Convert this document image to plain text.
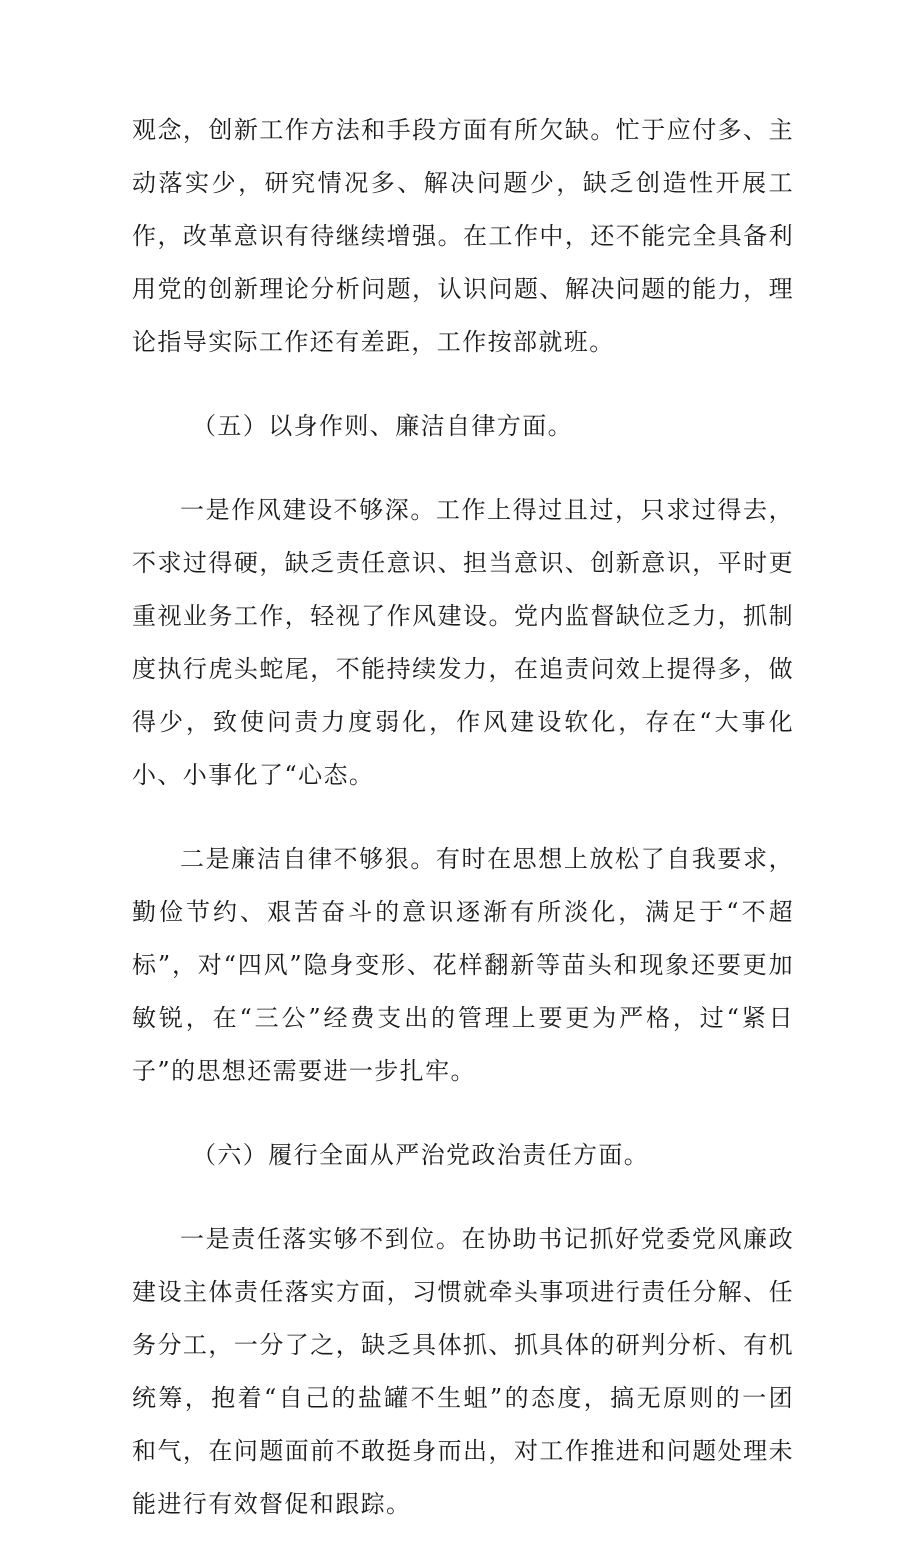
观念，创新工作方法和手段方面有所欠缺。忙于应付多、主动落实少，研究情况多、解决问题少，缺乏创造性开展工作，改革意识有待继续增强。在工作中，还不能完全具备利用党的创新理论分析问题，认识问题、解决问题的能力，理论指导实际工作还有差距，工作按部就班。

（五）以身作则、廉洁自律方面。

一是作风建设不够深。工作上得过且过，只求过得去，不求过得硬，缺乏责任意识、担当意识、创新意识，平时更重视业务工作，轻视了作风建设。党内监督缺位乏力，抓制度执行虎头蛇尾，不能持续发力，在追责问效上提得多，做得少，致使问责力度弱化，作风建设软化，存在“大事化小、小事化了“心态。

二是廉洁自律不够狠。有时在思想上放松了自我要求，勤俭节约、艰苦奋斗的意识逐渐有所淡化，满足于“不超标”，对“四风”隐身变形、花样翻新等苗头和现象还要更加敏锐，在“三公”经费支出的管理上要更为严格，过“紧日子”的思想还需要进一步扎牢。

（六）履行全面从严治党政治责任方面。

一是责任落实够不到位。在协助书记抓好党委党风廉政建设主体责任落实方面，习惯就牵头事项进行责任分解、任务分工，一分了之，缺乏具体抓、抓具体的研判分析、有机统筹，抱着“自己的盐罐不生蛆”的态度，搞无原则的一团和气，在问题面前不敢挺身而出，对工作推进和问题处理未能进行有效督促和跟踪。
